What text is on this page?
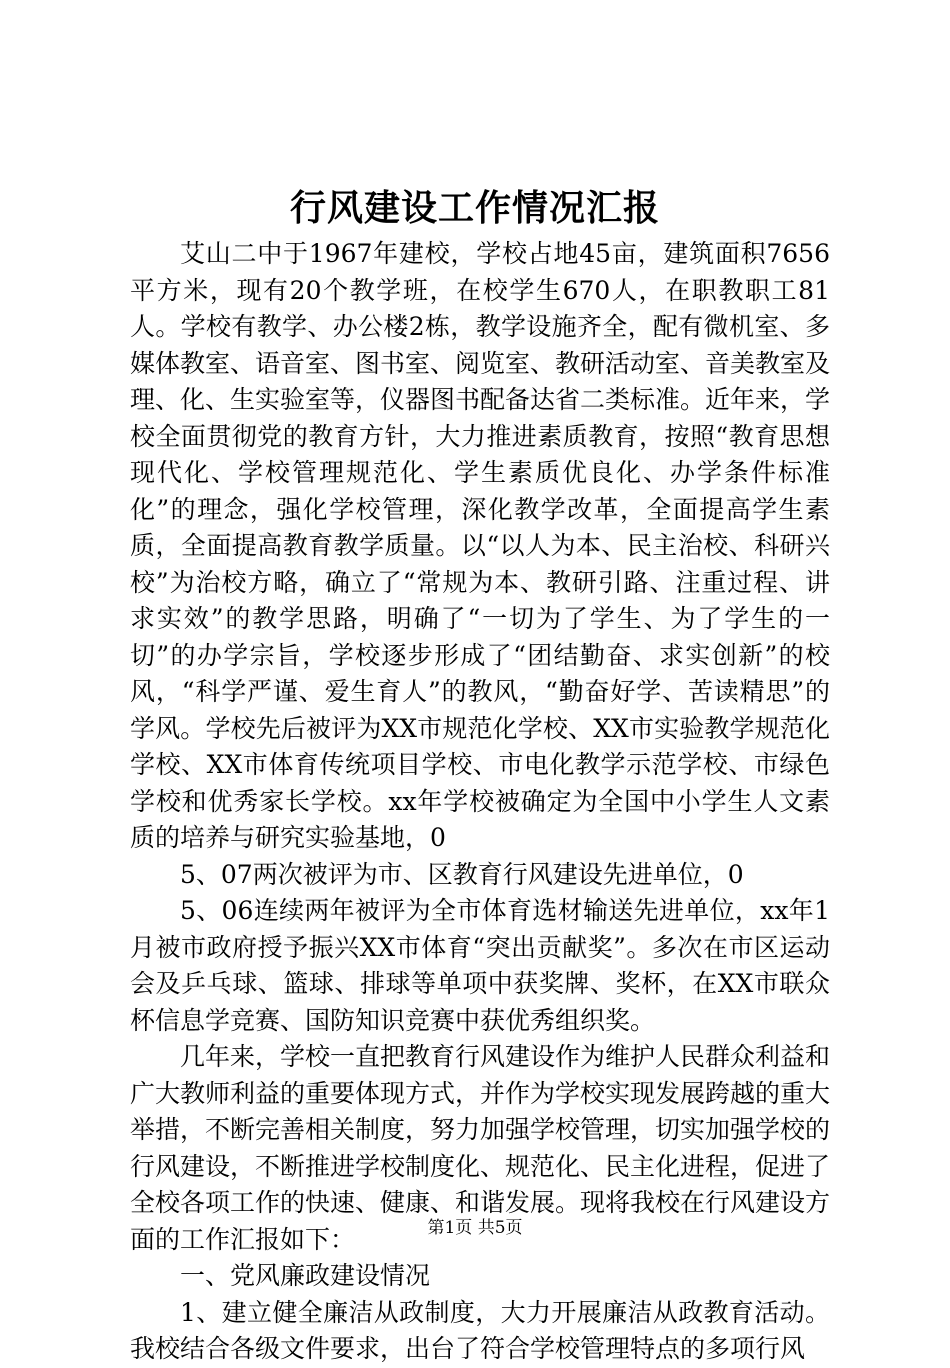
行风建设工作情况汇报

艾山二中于1967年建校，学校占地45亩，建筑面积7656平方米，现有20个教学班，在校学生670人，在职教职工81人。学校有教学、办公楼2栋，教学设施齐全，配有微机室、多媒体教室、语音室、图书室、阅览室、教研活动室、音美教室及理、化、生实验室等，仪器图书配备达省二类标准。近年来，学校全面贯彻党的教育方针，大力推进素质教育，按照“教育思想现代化、学校管理规范化、学生素质优良化、办学条件标准化”的理念，强化学校管理，深化教学改革，全面提高学生素质，全面提高教育教学质量。以“以人为本、民主治校、科研兴校”为治校方略，确立了“常规为本、教研引路、注重过程、讲求实效”的教学思路，明确了“一切为了学生、为了学生的一切”的办学宗旨，学校逐步形成了“团结勤奋、求实创新”的校风，“科学严谨、爱生育人”的教风，“勤奋好学、苦读精思”的学风。学校先后被评为XX市规范化学校、XX市实验教学规范化学校、XX市体育传统项目学校、市电化教学示范学校、市绿色学校和优秀家长学校。xx年学校被确定为全国中小学生人文素质的培养与研究实验基地，0

5、07两次被评为市、区教育行风建设先进单位，0

5、06连续两年被评为全市体育选材输送先进单位，xx年1月被市政府授予振兴XX市体育“突出贡献奖”。多次在市区运动会及乒乓球、篮球、排球等单项中获奖牌、奖杯，在XX市联众杯信息学竞赛、国防知识竞赛中获优秀组织奖。

几年来，学校一直把教育行风建设作为维护人民群众利益和广大教师利益的重要体现方式，并作为学校实现发展跨越的重大举措，不断完善相关制度，努力加强学校管理，切实加强学校的行风建设，不断推进学校制度化、规范化、民主化进程，促进了全校各项工作的快速、健康、和谐发展。现将我校在行风建设方面的工作汇报如下：

一、党风廉政建设情况

1、建立健全廉洁从政制度，大力开展廉洁从政教育活动。我校结合各级文件要求，出台了符合学校管理特点的多项行风

第1页 共5页
